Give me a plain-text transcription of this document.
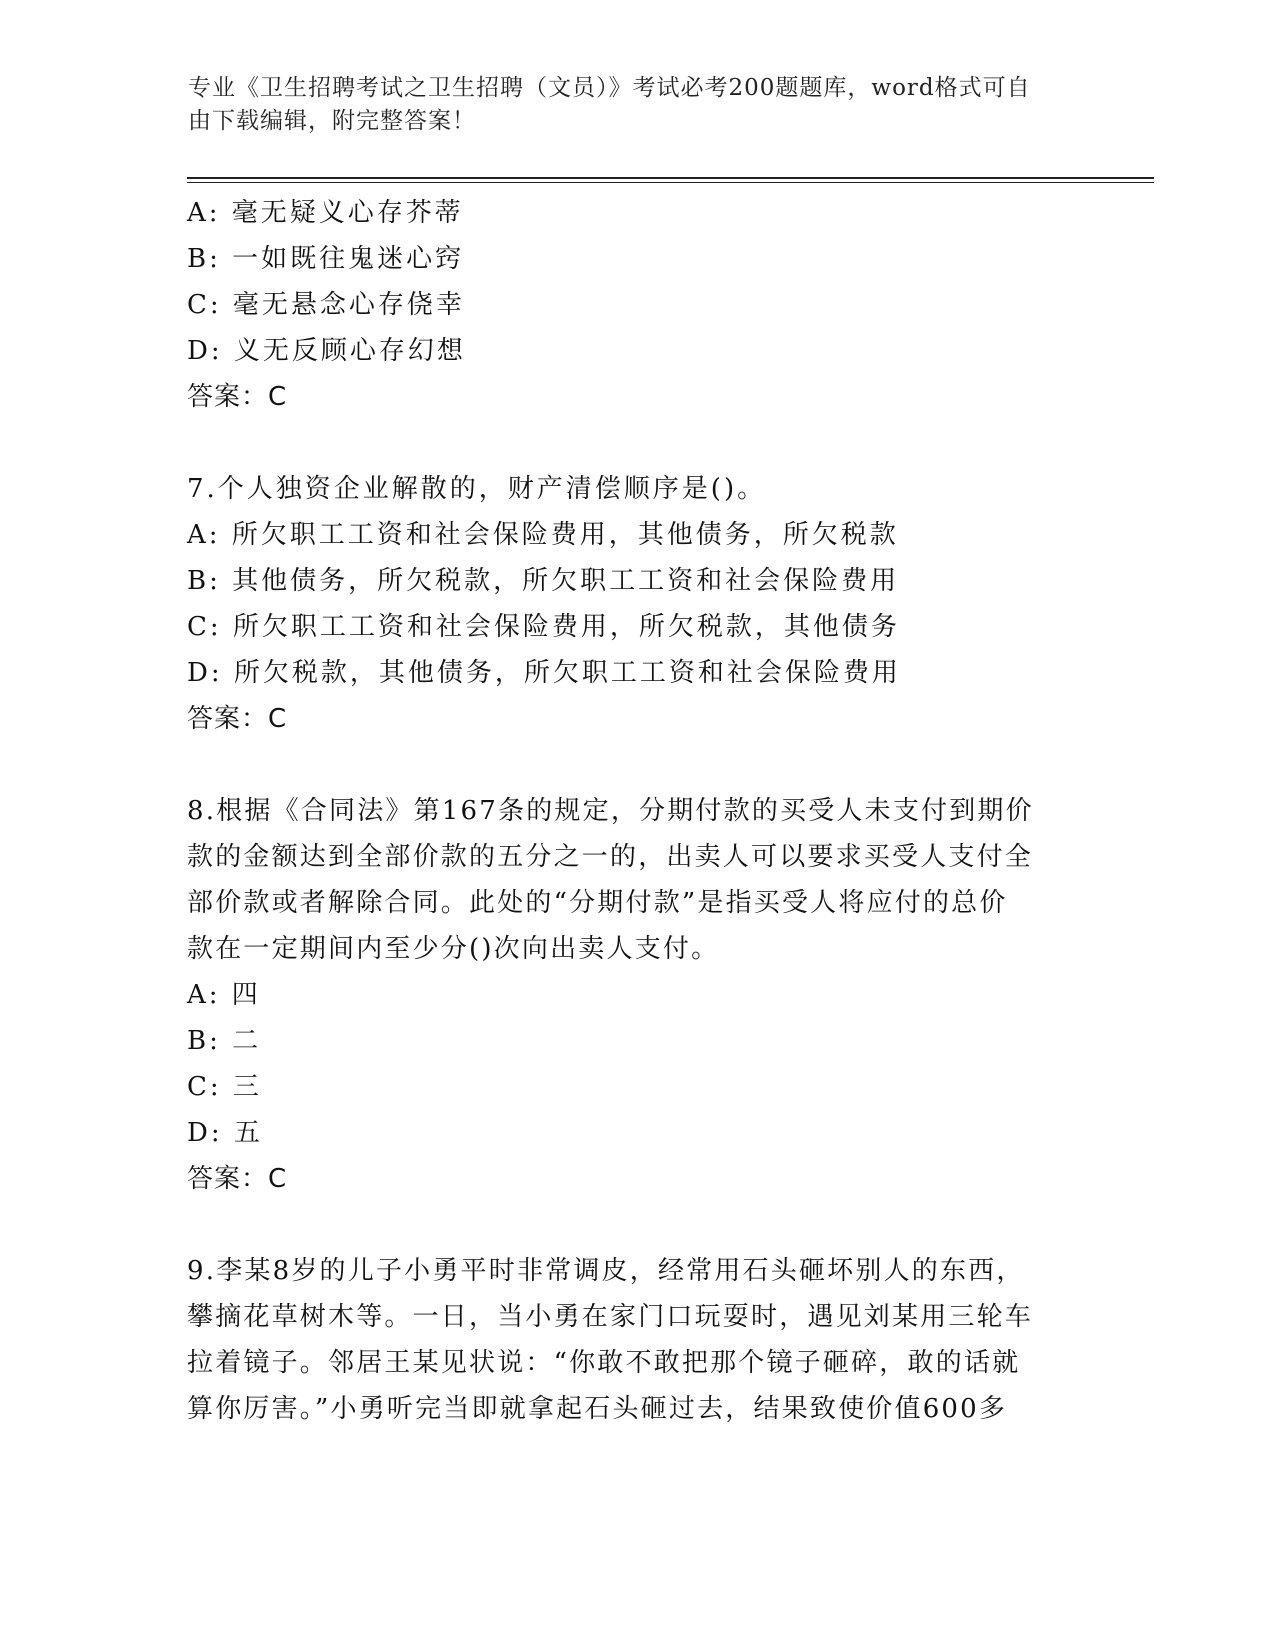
专业《卫生招聘考试之卫生招聘（文员）》考试必考200题题库，word格式可自
由下载编辑，附完整答案！
A: 毫无疑义心存芥蒂
B: 一如既往鬼迷心窍
C: 毫无悬念心存侥幸
D: 义无反顾心存幻想
答案：C
7.个人独资企业解散的，财产清偿顺序是()。
A: 所欠职工工资和社会保险费用，其他债务，所欠税款
B: 其他债务，所欠税款，所欠职工工资和社会保险费用
C: 所欠职工工资和社会保险费用，所欠税款，其他债务
D: 所欠税款，其他债务，所欠职工工资和社会保险费用
答案：C
8.根据《合同法》第167条的规定，分期付款的买受人未支付到期价
款的金额达到全部价款的五分之一的，出卖人可以要求买受人支付全
部价款或者解除合同。此处的“分期付款”是指买受人将应付的总价
款在一定期间内至少分()次向出卖人支付。
A: 四
B: 二
C: 三
D: 五
答案：C
9.李某8岁的儿子小勇平时非常调皮，经常用石头砸坏别人的东西，
攀摘花草树木等。一日，当小勇在家门口玩耍时，遇见刘某用三轮车
拉着镜子。邻居王某见状说：“你敢不敢把那个镜子砸碎，敢的话就
算你厉害。”小勇听完当即就拿起石头砸过去，结果致使价值600多
